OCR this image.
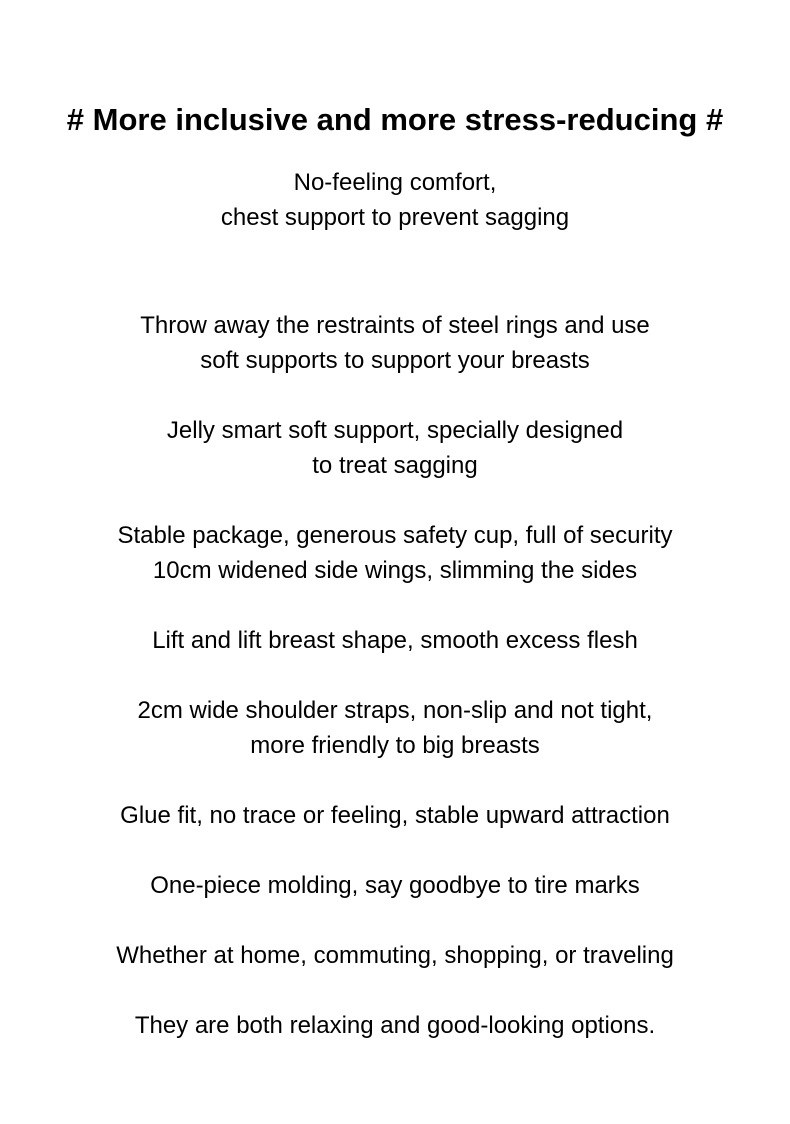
# More inclusive and more stress-reducing #
No-feeling comfort,
chest support to prevent sagging
Throw away the restraints of steel rings and use
soft supports to support your breasts
Jelly smart soft support, specially designed
to treat sagging
Stable package, generous safety cup, full of security
10cm widened side wings, slimming the sides
Lift and lift breast shape, smooth excess flesh
2cm wide shoulder straps, non-slip and not tight,
more friendly to big breasts
Glue fit, no trace or feeling, stable upward attraction
One-piece molding, say goodbye to tire marks
Whether at home, commuting, shopping, or traveling
They are both relaxing and good-looking options.
